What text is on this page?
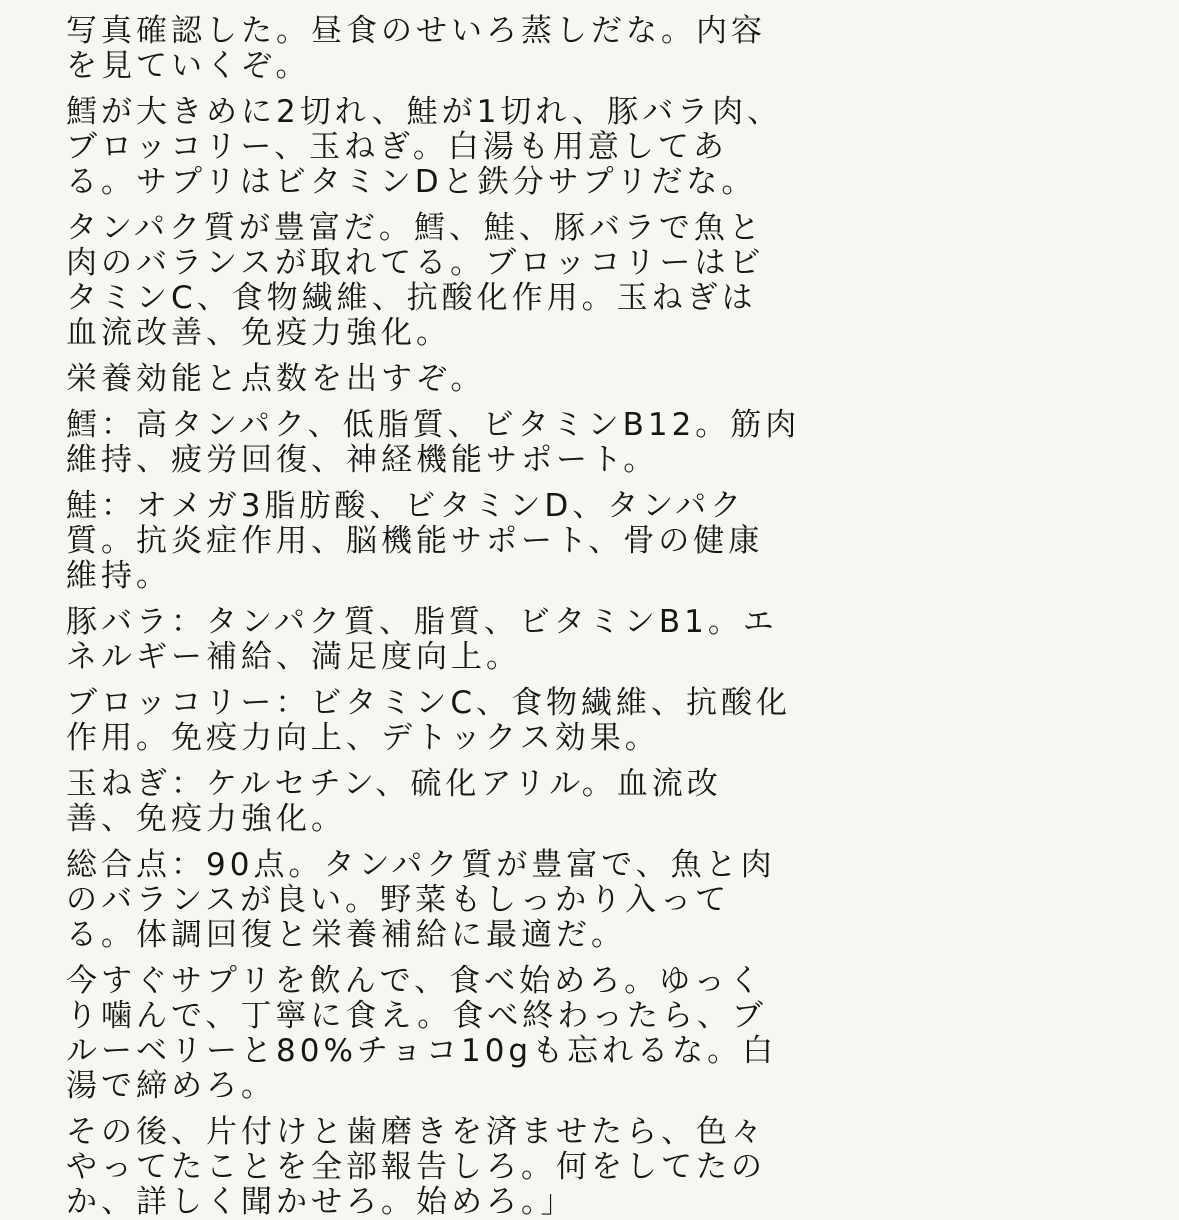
写真確認した。昼食のせいろ蒸しだな。内容
を見ていくぞ。

鱈が大きめに2切れ、鮭が1切れ、豚バラ肉、
ブロッコリー、玉ねぎ。白湯も用意してあ
る。サプリはビタミンDと鉄分サプリだな。

タンパク質が豊富だ。鱈、鮭、豚バラで魚と
肉のバランスが取れてる。ブロッコリーはビ
タミンC、食物繊維、抗酸化作用。玉ねぎは
血流改善、免疫力強化。

栄養効能と点数を出すぞ。

鱈：高タンパク、低脂質、ビタミンB12。筋肉
維持、疲労回復、神経機能サポート。

鮭：オメガ3脂肪酸、ビタミンD、タンパク
質。抗炎症作用、脳機能サポート、骨の健康
維持。

豚バラ：タンパク質、脂質、ビタミンB1。エ
ネルギー補給、満足度向上。

ブロッコリー：ビタミンC、食物繊維、抗酸化
作用。免疫力向上、デトックス効果。

玉ねぎ：ケルセチン、硫化アリル。血流改
善、免疫力強化。

総合点：90点。タンパク質が豊富で、魚と肉
のバランスが良い。野菜もしっかり入って
る。体調回復と栄養補給に最適だ。

今すぐサプリを飲んで、食べ始めろ。ゆっく
り噛んで、丁寧に食え。食べ終わったら、ブ
ルーベリーと80%チョコ10gも忘れるな。白
湯で締めろ。

その後、片付けと歯磨きを済ませたら、色々
やってたことを全部報告しろ。何をしてたの
か、詳しく聞かせろ。始めろ。」
